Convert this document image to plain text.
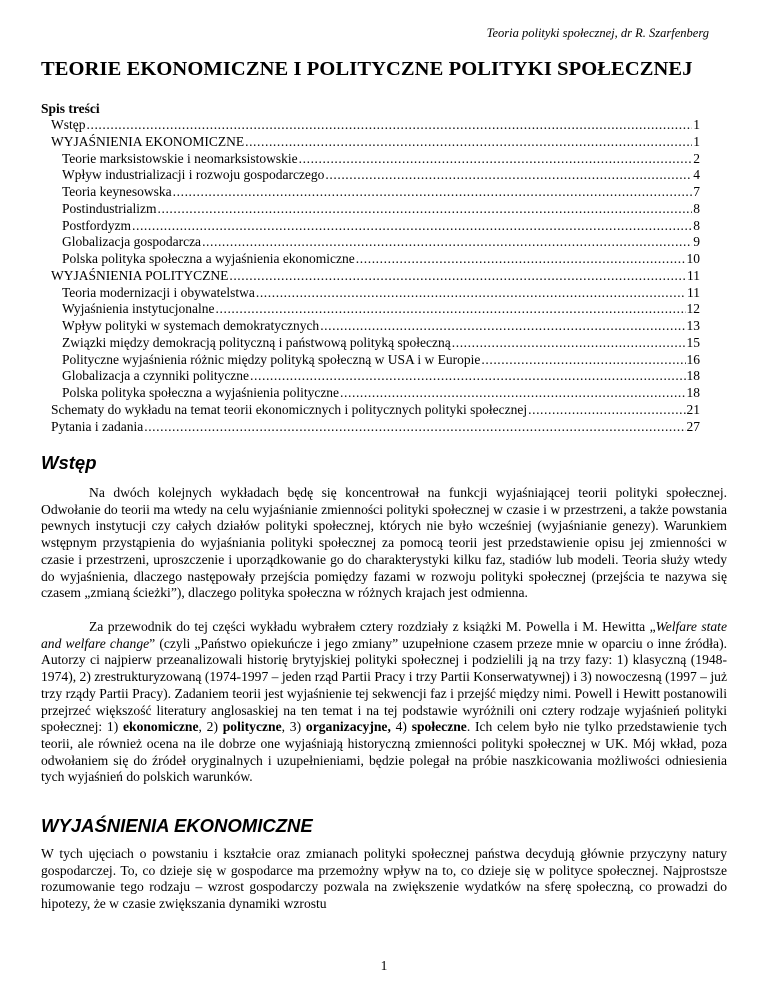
Teoria polityki społecznej, dr R. Szarfenberg
TEORIE EKONOMICZNE I POLITYCZNE POLITYKI SPOŁECZNEJ
Spis treści
Wstęp .....	1
WYJAŚNIENIA EKONOMICZNE .....	1
Teorie marksistowskie i neomarksistowskie .....	2
Wpływ industrializacji i rozwoju gospodarczego .....	4
Teoria keynesowska .....	7
Postindustrializm .....	8
Postfordyzm .....	8
Globalizacja gospodarcza .....	9
Polska polityka społeczna a wyjaśnienia ekonomiczne .....	10
WYJAŚNIENIA POLITYCZNE .....	11
Teoria modernizacji i obywatelstwa .....	11
Wyjaśnienia instytucjonalne .....	12
Wpływ polityki w systemach demokratycznych .....	13
Związki między demokracją polityczną i państwową polityką społeczną .....	15
Polityczne wyjaśnienia różnic między polityką społeczną w USA i w Europie .....	16
Globalizacja a czynniki polityczne .....	18
Polska polityka społeczna a wyjaśnienia polityczne .....	18
Schematy do wykładu na temat teorii ekonomicznych i politycznych polityki społecznej .....	21
Pytania i zadania .....	27
Wstęp

Na dwóch kolejnych wykładach będę się koncentrował na funkcji wyjaśniającej teorii polityki społecznej. Odwołanie do teorii ma wtedy na celu wyjaśnianie zmienności polityki społecznej w czasie i w przestrzeni, a także powstania pewnych instytucji czy całych działów polityki społecznej, których nie było wcześniej (wyjaśnianie genezy). Warunkiem wstępnym przystąpienia do wyjaśniania polityki społecznej za pomocą teorii jest przedstawienie opisu jej zmienności w czasie i przestrzeni, uproszczenie i uporządkowanie go do charakterystyki kilku faz, stadiów lub modeli. Teoria służy wtedy do wyjaśnienia, dlaczego następowały przejścia pomiędzy fazami w rozwoju polityki społecznej (przejścia te nazywa się czasem „zmianą ścieżki”), dlaczego polityka społeczna w różnych krajach jest odmienna.

Za przewodnik do tej części wykładu wybrałem cztery rozdziały z książki M. Powella i M. Hewitta „Welfare state and welfare change” (czyli „Państwo opiekuńcze i jego zmiany” uzupełnione czasem przeze mnie w oparciu o inne źródła). Autorzy ci najpierw przeanalizowali historię brytyjskiej polityki społecznej i podzielili ją na trzy fazy: 1) klasyczną (1948-1974), 2) zrestrukturyzowaną (1974-1997 – jeden rząd Partii Pracy i trzy Partii Konserwatywnej) i 3) nowoczesną (1997 – już trzy rządy Partii Pracy). Zadaniem teorii jest wyjaśnienie tej sekwencji faz i przejść między nimi. Powell i Hewitt postanowili przejrzeć większość literatury anglosaskiej na ten temat i na tej podstawie wyróżnili oni cztery rodzaje wyjaśnień polityki społecznej: 1) ekonomiczne, 2) polityczne, 3) organizacyjne, 4) społeczne. Ich celem było nie tylko przedstawienie tych teorii, ale również ocena na ile dobrze one wyjaśniają historyczną zmienności polityki społecznej w UK. Mój wkład, poza odwołaniem się do źródeł oryginalnych i uzupełnieniami, będzie polegał na próbie naszkicowania możliwości odniesienia tych wyjaśnień do polskich warunków.

WYJAŚNIENIA EKONOMICZNE

W tych ujęciach o powstaniu i kształcie oraz zmianach polityki społecznej państwa decydują głównie przyczyny natury gospodarczej. To, co dzieje się w gospodarce ma przemożny wpływ na to, co dzieje się w polityce społecznej. Najprostsze rozumowanie tego rodzaju – wzrost gospodarczy pozwala na zwiększenie wydatków na sferę społeczną, co prowadzi do hipotezy, że w czasie zwiększania dynamiki wzrostu

1
